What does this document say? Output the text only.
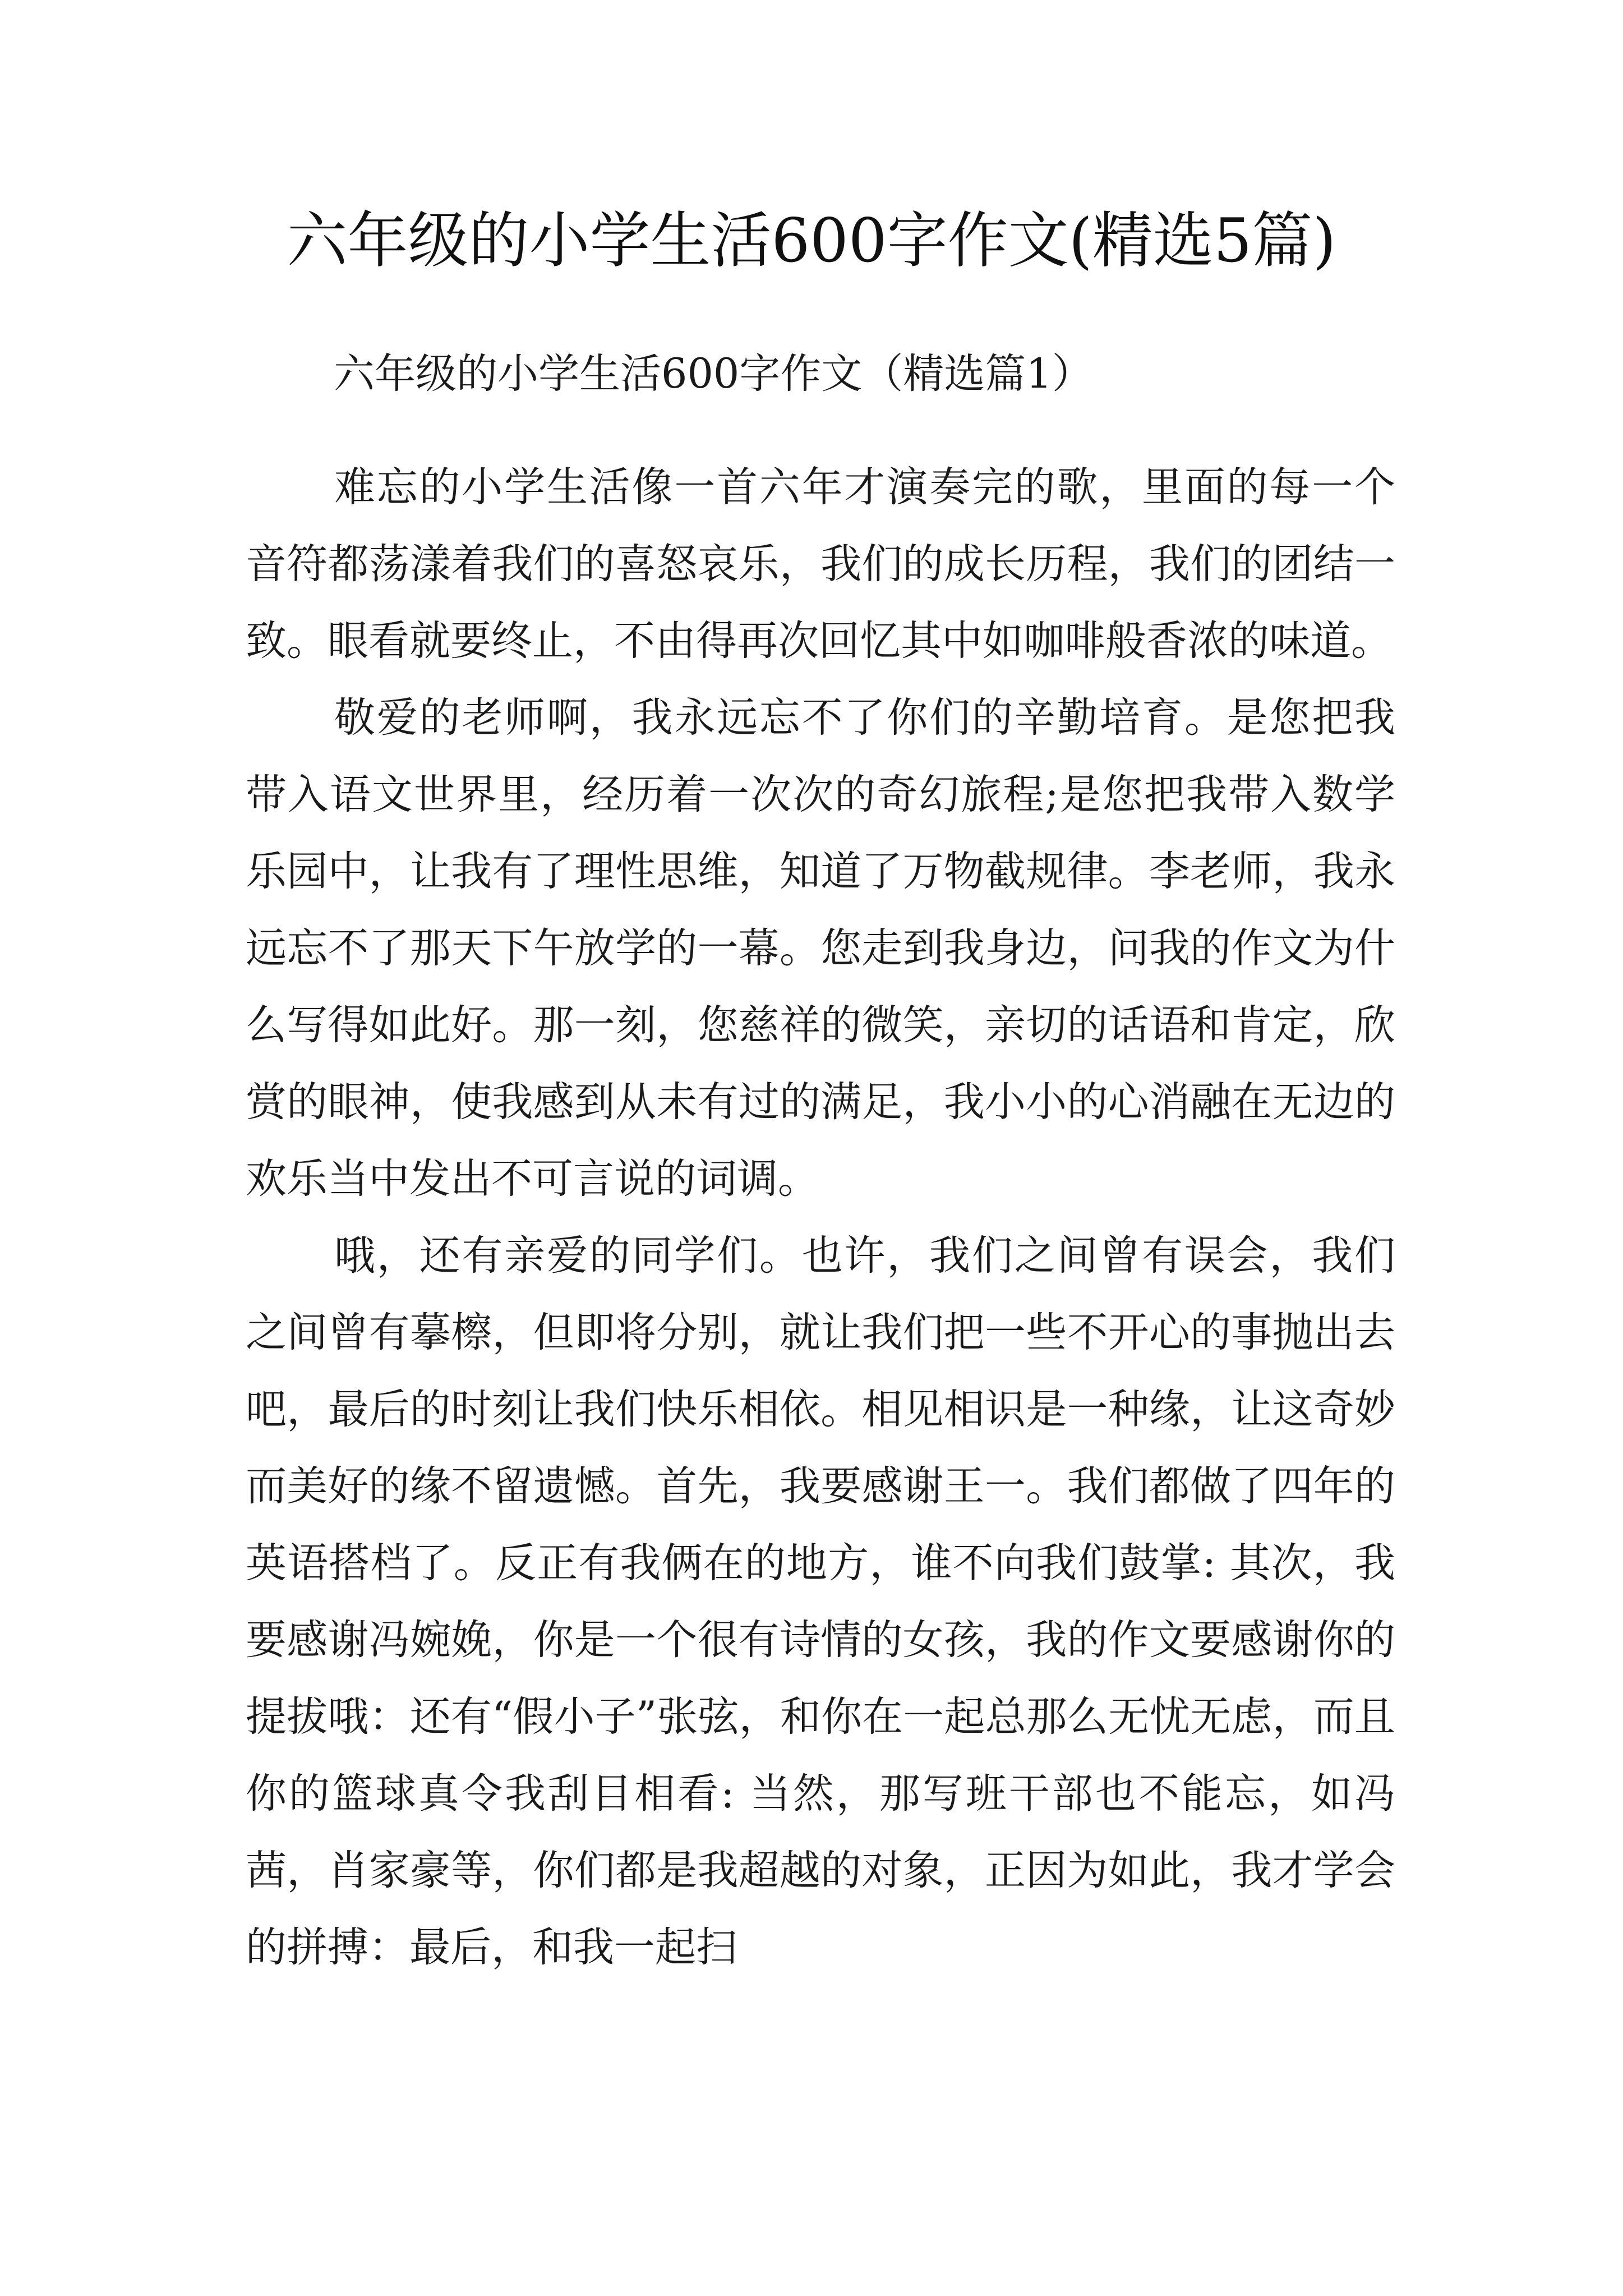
六年级的小学生活600字作文(精选5篇)

六年级的小学生活600字作文（精选篇1）

难忘的小学生活像一首六年才演奏完的歌，里面的每一个音符都荡漾着我们的喜怒哀乐，我们的成长历程，我们的团结一致。眼看就要终止，不由得再次回忆其中如咖啡般香浓的味道。

敬爱的老师啊，我永远忘不了你们的辛勤培育。是您把我带入语文世界里，经历着一次次的奇幻旅程;是您把我带入数学乐园中，让我有了理性思维，知道了万物截规律。李老师，我永远忘不了那天下午放学的一幕。您走到我身边，问我的作文为什么写得如此好。那一刻，您慈祥的微笑，亲切的话语和肯定，欣赏的眼神，使我感到从未有过的满足，我小小的心消融在无边的欢乐当中发出不可言说的词调。

哦，还有亲爱的同学们。也许，我们之间曾有误会，我们之间曾有摹檫，但即将分别，就让我们把一些不开心的事抛出去吧，最后的时刻让我们快乐相依。相见相识是一种缘，让这奇妙而美好的缘不留遗憾。首先，我要感谢王一。我们都做了四年的英语搭档了。反正有我俩在的地方，谁不向我们鼓掌: 其次，我要感谢冯婉娩，你是一个很有诗情的女孩，我的作文要感谢你的提拔哦：还有“假小子”张弦，和你在一起总那么无忧无虑，而且你的篮球真令我刮目相看: 当然，那写班干部也不能忘，如冯茜，肖家豪等，你们都是我超越的对象，正因为如此，我才学会的拼搏：最后，和我一起扫
